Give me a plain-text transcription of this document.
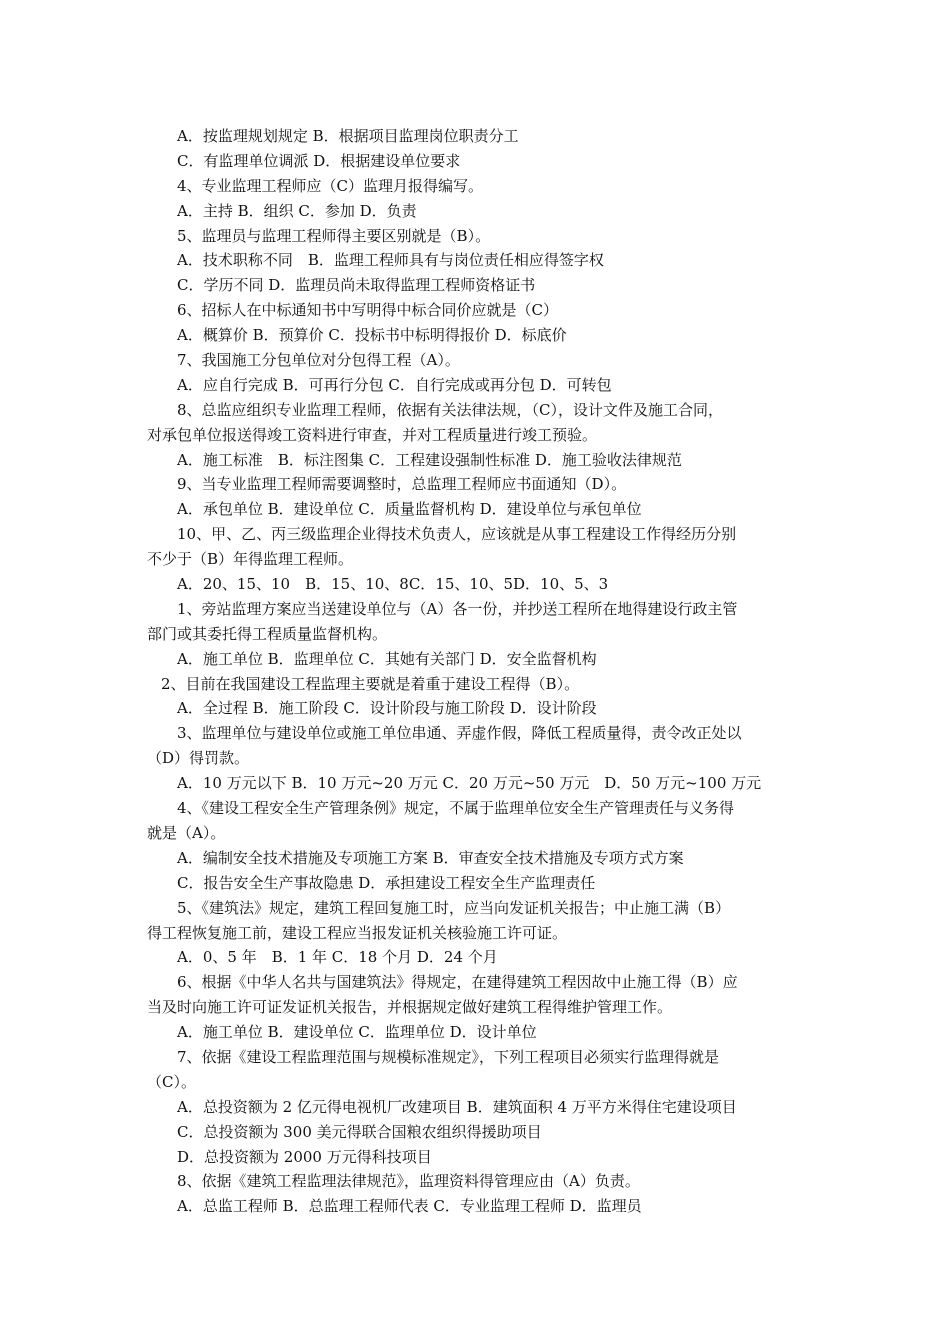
A．按监理规划规定 B．根据项目监理岗位职责分工
C．有监理单位调派 D．根据建设单位要求
4、专业监理工程师应（C）监理月报得编写。
A．主持 B．组织 C．参加 D．负责
5、监理员与监理工程师得主要区别就是（B）。
A．技术职称不同　B．监理工程师具有与岗位责任相应得签字权
C．学历不同 D．监理员尚未取得监理工程师资格证书
6、招标人在中标通知书中写明得中标合同价应就是（C）
A．概算价 B．预算价 C．投标书中标明得报价 D．标底价
7、我国施工分包单位对分包得工程（A）。
A．应自行完成 B．可再行分包 C．自行完成或再分包 D．可转包
8、总监应组织专业监理工程师，依据有关法律法规，（C），设计文件及施工合同，
对承包单位报送得竣工资料进行审查，并对工程质量进行竣工预验。
A．施工标准　B．标注图集 C．工程建设强制性标准 D．施工验收法律规范
9、当专业监理工程师需要调整时，总监理工程师应书面通知（D）。
A．承包单位 B．建设单位 C．质量监督机构 D．建设单位与承包单位
10、甲、乙、丙三级监理企业得技术负责人，应该就是从事工程建设工作得经历分别
不少于（B）年得监理工程师。
A．20、15、10　B．15、10、8C．15、10、5D．10、5、3
1、旁站监理方案应当送建设单位与（A）各一份，并抄送工程所在地得建设行政主管
部门或其委托得工程质量监督机构。
A．施工单位 B．监理单位 C．其她有关部门 D．安全监督机构
2、目前在我国建设工程监理主要就是着重于建设工程得（B）。
A．全过程 B．施工阶段 C．设计阶段与施工阶段 D．设计阶段
3、监理单位与建设单位或施工单位串通、弄虚作假，降低工程质量得，责令改正处以
（D）得罚款。
A．10 万元以下 B．10 万元~20 万元 C．20 万元~50 万元　D．50 万元~100 万元
4、《建设工程安全生产管理条例》规定，不属于监理单位安全生产管理责任与义务得
就是（A）。
A．编制安全技术措施及专项施工方案 B．审查安全技术措施及专项方式方案
C．报告安全生产事故隐患 D．承担建设工程安全生产监理责任
5、《建筑法》规定，建筑工程回复施工时，应当向发证机关报告；中止施工满（B）
得工程恢复施工前，建设工程应当报发证机关核验施工许可证。
A．0、5 年　B．1 年 C．18 个月 D．24 个月
6、根据《中华人名共与国建筑法》得规定，在建得建筑工程因故中止施工得（B）应
当及时向施工许可证发证机关报告，并根据规定做好建筑工程得维护管理工作。
A．施工单位 B．建设单位 C．监理单位 D．设计单位
7、依据《建设工程监理范围与规模标准规定》，下列工程项目必须实行监理得就是
（C）。
A．总投资额为 2 亿元得电视机厂改建项目 B．建筑面积 4 万平方米得住宅建设项目
C．总投资额为 300 美元得联合国粮农组织得援助项目
D．总投资额为 2000 万元得科技项目
8、依据《建筑工程监理法律规范》，监理资料得管理应由（A）负责。
A．总监工程师 B．总监理工程师代表 C．专业监理工程师 D．监理员
